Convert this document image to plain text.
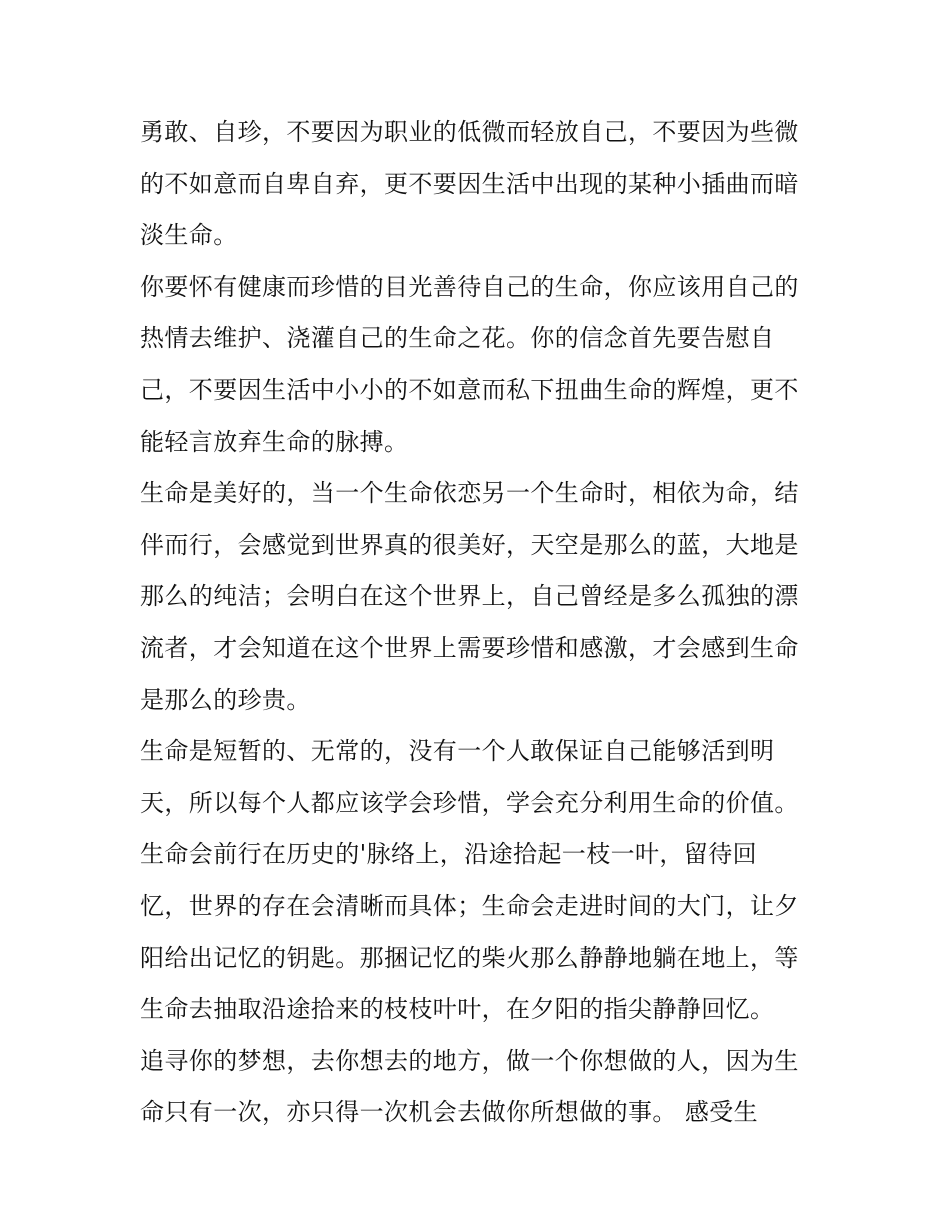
勇敢、自珍，不要因为职业的低微而轻放自己，不要因为些微
的不如意而自卑自弃，更不要因生活中出现的某种小插曲而暗
淡生命。
你要怀有健康而珍惜的目光善待自己的生命，你应该用自己的
热情去维护、浇灌自己的生命之花。你的信念首先要告慰自
己，不要因生活中小小的不如意而私下扭曲生命的辉煌，更不
能轻言放弃生命的脉搏。
生命是美好的，当一个生命依恋另一个生命时，相依为命，结
伴而行，会感觉到世界真的很美好，天空是那么的蓝，大地是
那么的纯洁；会明白在这个世界上，自己曾经是多么孤独的漂
流者，才会知道在这个世界上需要珍惜和感激，才会感到生命
是那么的珍贵。
生命是短暂的、无常的，没有一个人敢保证自己能够活到明
天，所以每个人都应该学会珍惜，学会充分利用生命的价值。
生命会前行在历史的'脉络上，沿途拾起一枝一叶，留待回
忆，世界的存在会清晰而具体；生命会走进时间的大门，让夕
阳给出记忆的钥匙。那捆记忆的柴火那么静静地躺在地上，等
生命去抽取沿途拾来的枝枝叶叶，在夕阳的指尖静静回忆。
追寻你的梦想，去你想去的地方，做一个你想做的人，因为生
命只有一次，亦只得一次机会去做你所想做的事。 感受生
